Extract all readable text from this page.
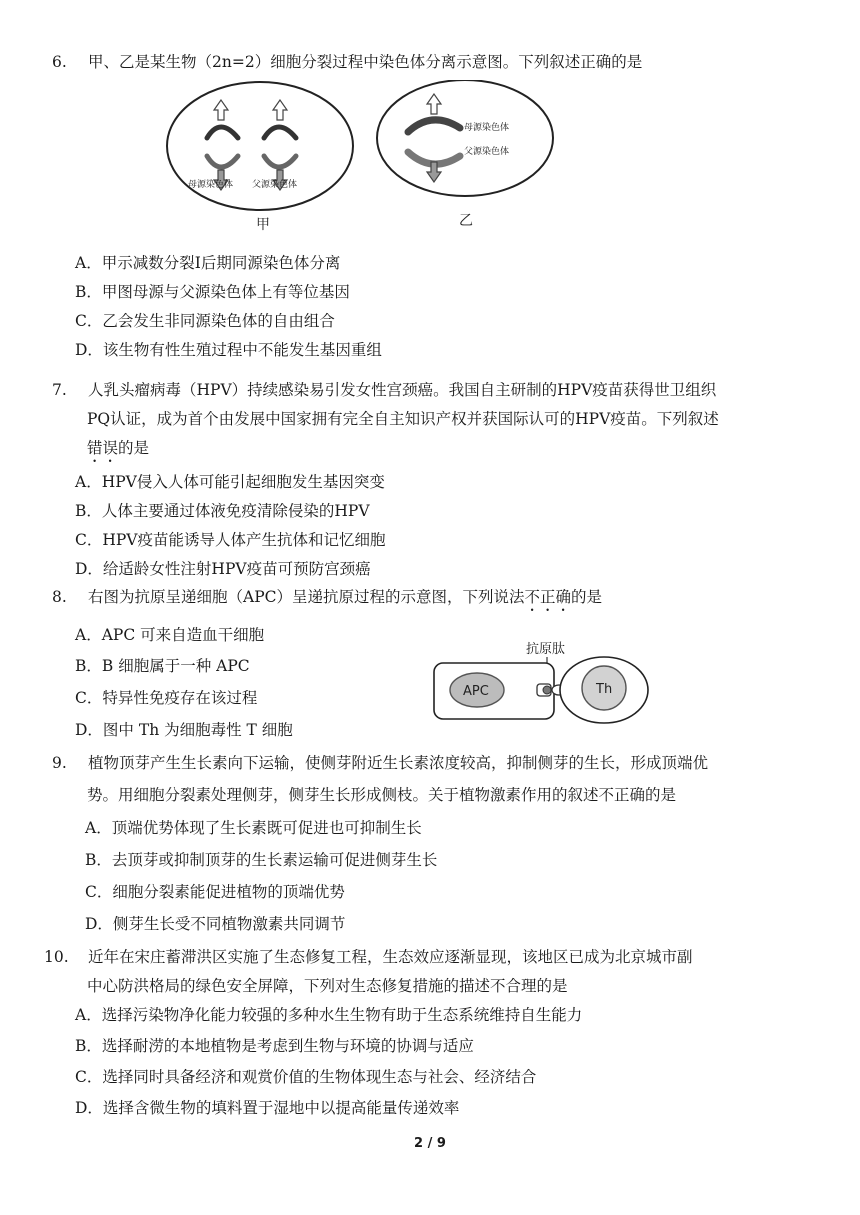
6. 甲、乙是某生物（2n=2）细胞分裂过程中染色体分离示意图。下列叙述正确的是
母源染色体 父源染色体
甲
母源染色体
父源染色体
乙
A．甲示减数分裂Ⅰ后期同源染色体分离
B．甲图母源与父源染色体上有等位基因
C．乙会发生非同源染色体的自由组合
D．该生物有性生殖过程中不能发生基因重组
7. 人乳头瘤病毒（HPV）持续感染易引发女性宫颈癌。我国自主研制的HPV疫苗获得世卫组织
PQ认证，成为首个由发展中国家拥有完全自主知识产权并获国际认可的HPV疫苗。下列叙述
错误的是
A．HPV侵入人体可能引起细胞发生基因突变
B．人体主要通过体液免疫清除侵染的HPV
C．HPV疫苗能诱导人体产生抗体和记忆细胞
D．给适龄女性注射HPV疫苗可预防宫颈癌
8. 右图为抗原呈递细胞（APC）呈递抗原过程的示意图，下列说法不正确的是
A．APC 可来自造血干细胞
B．B 细胞属于一种 APC
C．特异性免疫存在该过程
D．图中 Th 为细胞毒性 T 细胞
抗原肽
APC	Th
9. 植物顶芽产生生长素向下运输，使侧芽附近生长素浓度较高，抑制侧芽的生长，形成顶端优
势。用细胞分裂素处理侧芽，侧芽生长形成侧枝。关于植物激素作用的叙述不正确的是
A．顶端优势体现了生长素既可促进也可抑制生长
B．去顶芽或抑制顶芽的生长素运输可促进侧芽生长
C．细胞分裂素能促进植物的顶端优势
D．侧芽生长受不同植物激素共同调节
10. 近年在宋庄蓄滞洪区实施了生态修复工程，生态效应逐渐显现，该地区已成为北京城市副
中心防洪格局的绿色安全屏障，下列对生态修复措施的描述不合理的是
A．选择污染物净化能力较强的多种水生生物有助于生态系统维持自生能力
B．选择耐涝的本地植物是考虑到生物与环境的协调与适应
C．选择同时具备经济和观赏价值的生物体现生态与社会、经济结合
D．选择含微生物的填料置于湿地中以提高能量传递效率
2 / 9
